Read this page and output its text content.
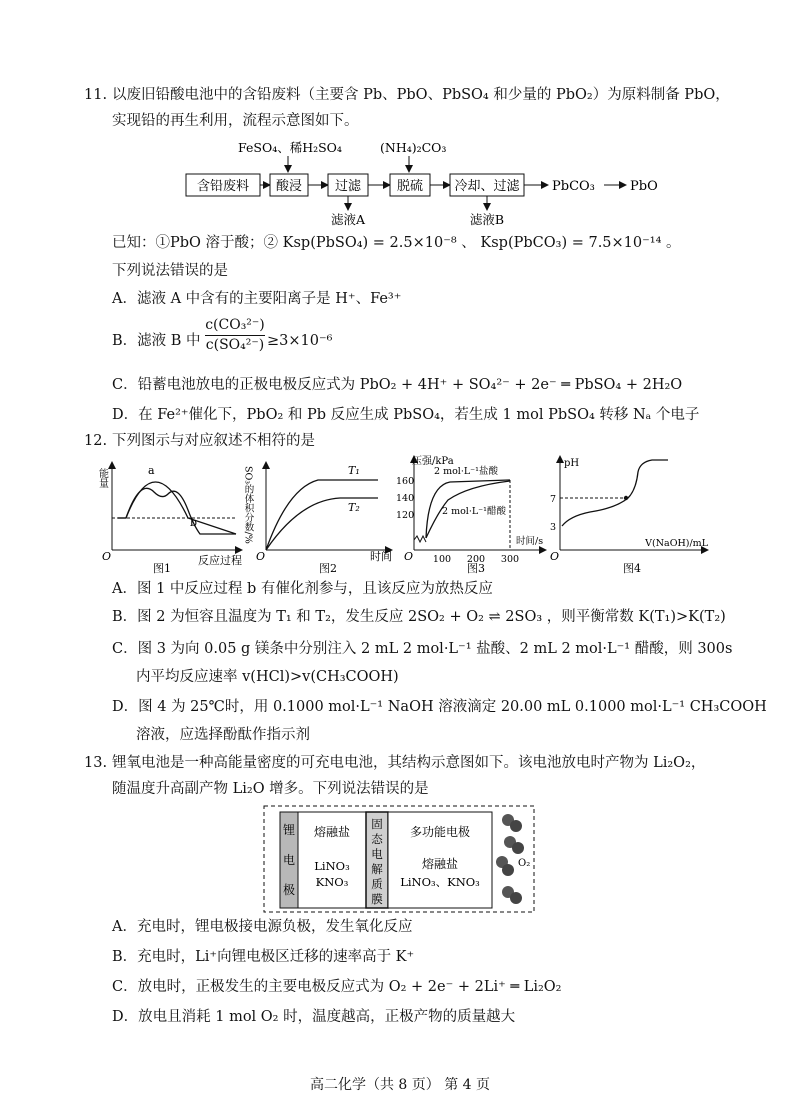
11. 以废旧铅酸电池中的含铅废料（主要含 Pb、PbO、PbSO₄ 和少量的 PbO₂）为原料制备 PbO，
实现铅的再生利用，流程示意图如下。
FeSO₄、稀H₂SO₄	(NH₄)₂CO₃
含铅废料 酸浸	过滤	脱硫 冷却、过滤 PbCO₃	PbO
滤液A	滤液B
已知：①PbO 溶于酸；② Ksp(PbSO₄) = 2.5×10⁻⁸ 、 Ksp(PbCO₃) = 7.5×10⁻¹⁴ 。
下列说法错误的是
A．滤液 A 中含有的主要阳离子是 H⁺、Fe³⁺
B．滤液 B 中 $\frac{\text{c(CO₃²⁻)}}{\text{c(SO₄²⁻)}} \ge 3\times 10^{-6}$
C．铅蓄电池放电的正极电极反应式为 PbO₂ + 4H⁺ + SO₄²⁻ + 2e⁻ ═ PbSO₄ + 2H₂O
D．在 Fe²⁺催化下，PbO₂ 和 Pb 反应生成 PbSO₄，若生成 1 mol PbSO₄ 转移 Nₐ 个电子
12. 下列图示与对应叙述不相符的是
能量
O	反应过程
a
b
图1
SO₃的体积分数/%
O	时间
T₁
T₂
图2
压强/kPa
160
140
120
100 200 300
O
时间/s
2 mol·L⁻¹盐酸
2 mol·L⁻¹醋酸
图3
pH
7
3
O
V(NaOH)/mL
图4
A．图 1 中反应过程 b 有催化剂参与，且该反应为放热反应
B．图 2 为恒容且温度为 T₁ 和 T₂，发生反应 2SO₂ + O₂ ⇌ 2SO₃ ，则平衡常数 K(T₁)>K(T₂)
C．图 3 为向 0.05 g 镁条中分别注入 2 mL 2 mol·L⁻¹ 盐酸、2 mL 2 mol·L⁻¹ 醋酸，则 300s
内平均反应速率 v(HCl)>v(CH₃COOH)
D．图 4 为 25℃时，用 0.1000 mol·L⁻¹ NaOH 溶液滴定 20.00 mL 0.1000 mol·L⁻¹ CH₃COOH
溶液，应选择酚酞作指示剂
13. 锂氧电池是一种高能量密度的可充电电池，其结构示意图如下。该电池放电时产物为 Li₂O₂，
随温度升高副产物 Li₂O 增多。下列说法错误的是
锂
电
极
熔融盐
LiNO₃
KNO₃
固
态
电
解
质
膜
多功能电极
熔融盐
LiNO₃、KNO₃
O₂
A．充电时，锂电极接电源负极，发生氧化反应
B．充电时，Li⁺向锂电极区迁移的速率高于 K⁺
C．放电时，正极发生的主要电极反应式为 O₂ + 2e⁻ + 2Li⁺ ═ Li₂O₂
D．放电且消耗 1 mol O₂ 时，温度越高，正极产物的质量越大
高二化学（共 8 页） 第 4 页
